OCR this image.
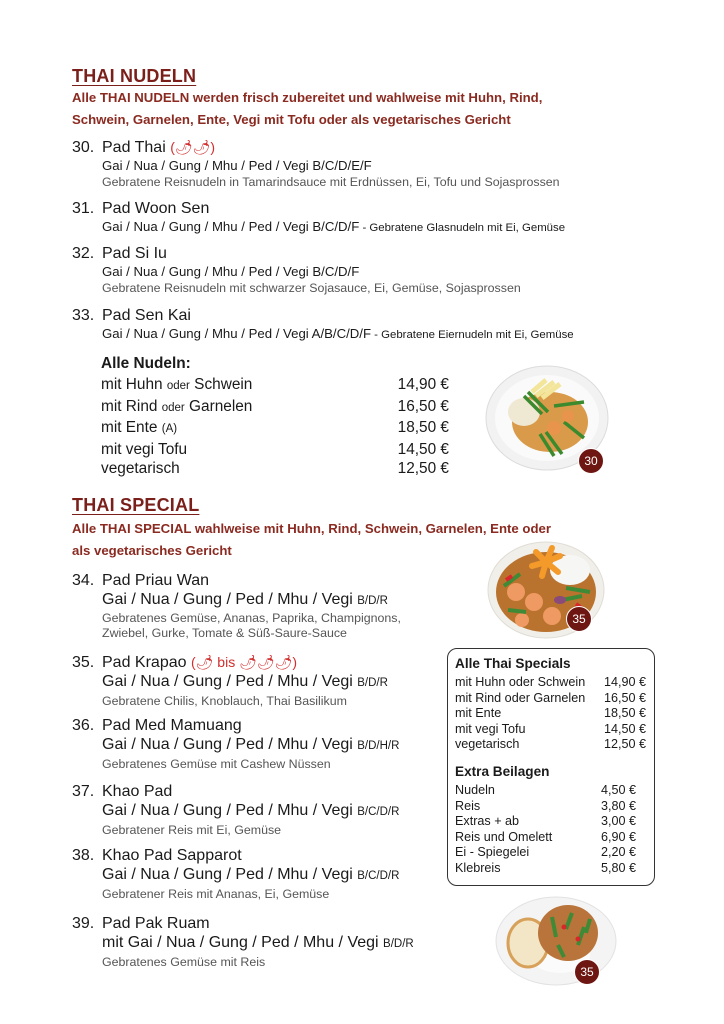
THAI NUDELN
Alle THAI NUDELN werden frisch zubereitet und wahlweise mit Huhn, Rind,
Schwein, Garnelen, Ente, Vegi mit Tofu oder als vegetarisches Gericht
30. Pad Thai (🌶🌶)
Gai / Nua / Gung / Mhu / Ped / Vegi B/C/D/E/F
Gebratene Reisnudeln in Tamarindsauce mit Erdnüssen, Ei, Tofu und Sojasprossen
31. Pad Woon Sen
Gai / Nua / Gung / Mhu / Ped / Vegi B/C/D/F - Gebratene Glasnudeln mit Ei, Gemüse
32. Pad Si Iu
Gai / Nua / Gung / Mhu / Ped / Vegi B/C/D/F
Gebratene Reisnudeln mit schwarzer Sojasauce, Ei, Gemüse, Sojasprossen
33. Pad Sen Kai
Gai / Nua / Gung / Mhu / Ped / Vegi A/B/C/D/F - Gebratene Eiernudeln mit Ei, Gemüse
Alle Nudeln:
mit Huhn oder Schwein	14,90 €
mit Rind oder Garnelen	16,50 €
mit Ente (A)	18,50 €
mit vegi Tofu	14,50 €
vegetarisch	12,50 €	30
THAI SPECIAL
Alle THAI SPECIAL wahlweise mit Huhn, Rind, Schwein, Garnelen, Ente oder
als vegetarisches Gericht
34. Pad Priau Wan
Gai / Nua / Gung / Ped / Mhu / Vegi B/D/R
Gebratenes Gemüse, Ananas, Paprika, Champignons,
Zwiebel, Gurke, Tomate & Süß-Saure-Sauce
35. Pad Krapao (🌶 bis 🌶🌶🌶)
Gai / Nua / Gung / Ped / Mhu / Vegi B/D/R
Gebratene Chilis, Knoblauch, Thai Basilikum
36. Pad Med Mamuang
Gai / Nua / Gung / Ped / Mhu / Vegi B/D/H/R
Gebratenes Gemüse mit Cashew Nüssen
37. Khao Pad
Gai / Nua / Gung / Ped / Mhu / Vegi B/C/D/R
Gebratener Reis mit Ei, Gemüse
38. Khao Pad Sapparot
Gai / Nua / Gung / Ped / Mhu / Vegi B/C/D/R
Gebratener Reis mit Ananas, Ei, Gemüse
39. Pad Pak Ruam
mit Gai / Nua / Gung / Ped / Mhu / Vegi B/D/R
Gebratenes Gemüse mit Reis
35
Alle Thai Specials
mit Huhn oder Schwein 14,90 €
mit Rind oder Garnelen 16,50 €
mit Ente	18,50 €
mit vegi Tofu	14,50 €
vegetarisch	12,50 €
Extra Beilagen
Nudeln	4,50 €
Reis	3,80 €
Extras + ab	3,00 €
Reis und Omelett	6,90 €
Ei - Spiegelei	2,20 €
Klebreis	5,80 €
35
